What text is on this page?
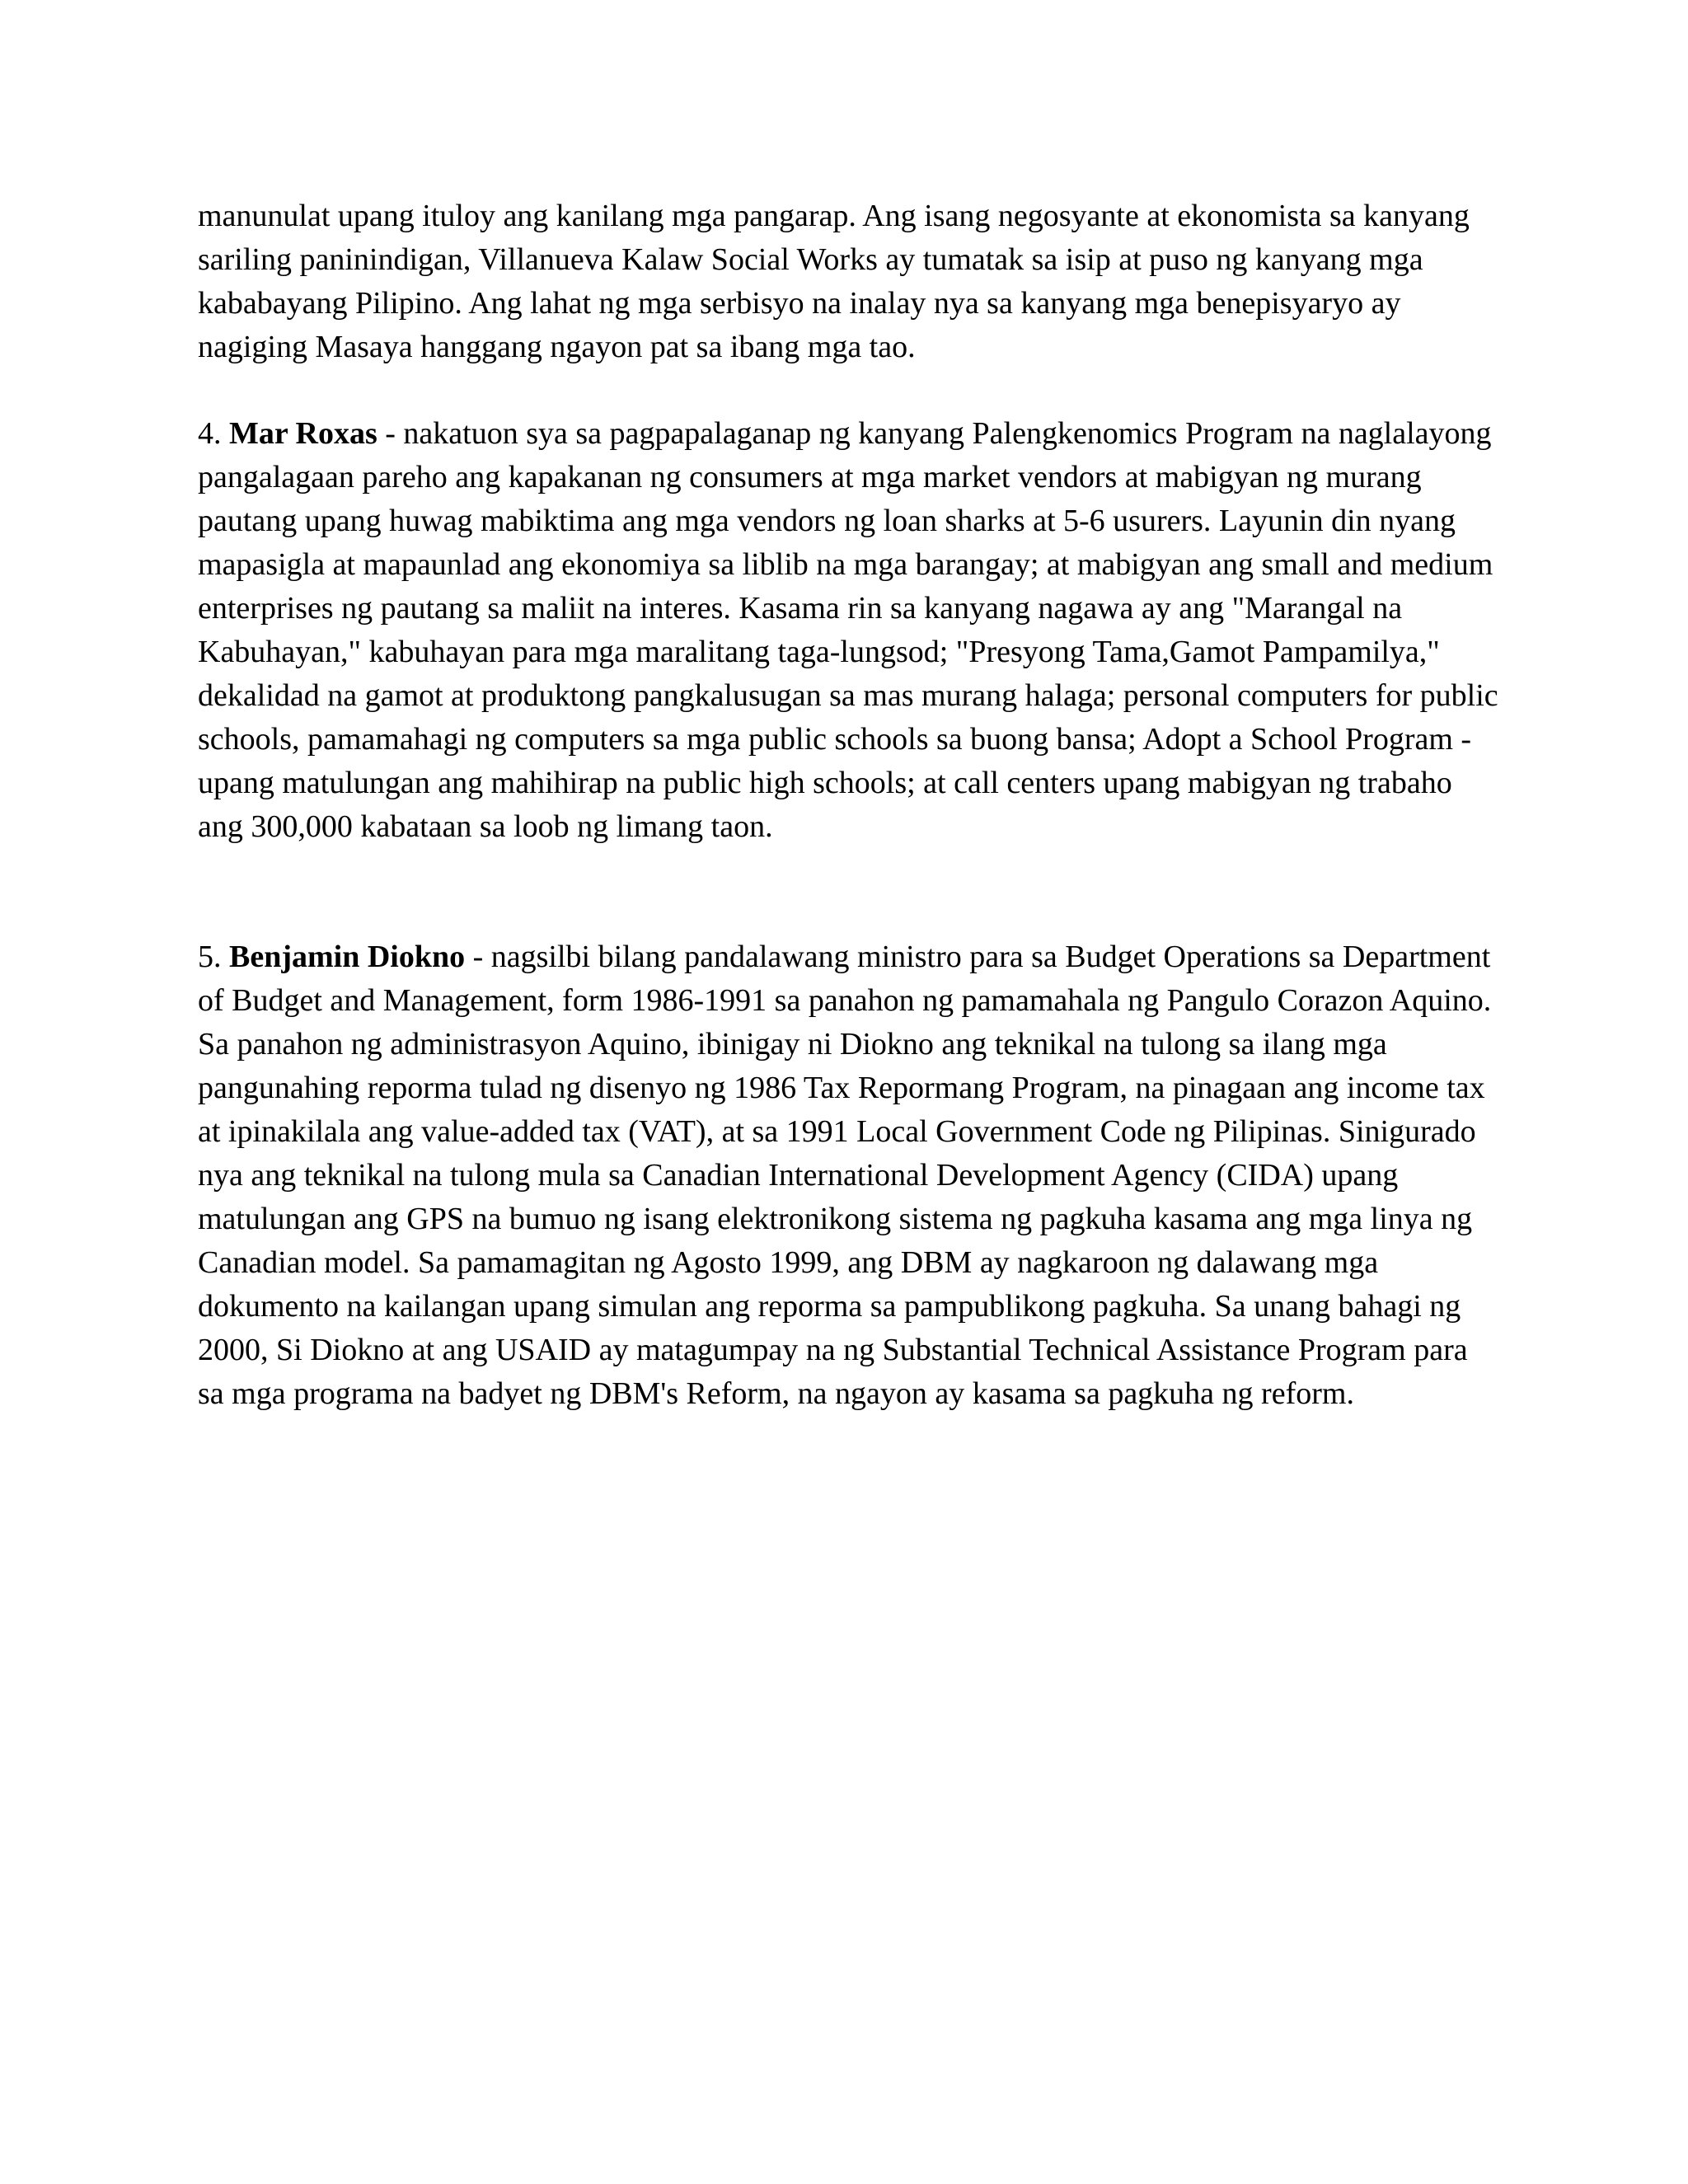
manunulat upang ituloy ang kanilang mga pangarap. Ang isang negosyante at ekonomista sa kanyang sariling paninindigan, Villanueva Kalaw Social Works ay tumatak sa isip at puso ng kanyang mga kababayang Pilipino. Ang lahat ng mga serbisyo na inalay nya sa kanyang mga benepisyaryo ay nagiging Masaya hanggang ngayon pat sa ibang mga tao.

4. Mar Roxas - nakatuon sya sa pagpapalaganap ng kanyang Palengkenomics Program na naglalayong pangalagaan pareho ang kapakanan ng consumers at mga market vendors at mabigyan ng murang pautang upang huwag mabiktima ang mga vendors ng loan sharks at 5-6 usurers. Layunin din nyang mapasigla at mapaunlad ang ekonomiya sa liblib na mga barangay; at mabigyan ang small and medium enterprises ng pautang sa maliit na interes. Kasama rin sa kanyang nagawa ay ang "Marangal na Kabuhayan," kabuhayan para mga maralitang taga-lungsod; "Presyong Tama,Gamot Pampamilya," dekalidad na gamot at produktong pangkalusugan sa mas murang halaga; personal computers for public schools, pamamahagi ng computers sa mga public schools sa buong bansa; Adopt a School Program - upang matulungan ang mahihirap na public high schools; at call centers upang mabigyan ng trabaho ang 300,000 kabataan sa loob ng limang taon.

5. Benjamin Diokno - nagsilbi bilang pandalawang ministro para sa Budget Operations sa Department of Budget and Management, form 1986-1991 sa panahon ng pamamahala ng Pangulo Corazon Aquino. Sa panahon ng administrasyon Aquino, ibinigay ni Diokno ang teknikal na tulong sa ilang mga pangunahing reporma tulad ng disenyo ng 1986 Tax Repormang Program, na pinagaan ang income tax at ipinakilala ang value-added tax (VAT), at sa 1991 Local Government Code ng Pilipinas. Sinigurado nya ang teknikal na tulong mula sa Canadian International Development Agency (CIDA) upang matulungan ang GPS na bumuo ng isang elektronikong sistema ng pagkuha kasama ang mga linya ng Canadian model. Sa pamamagitan ng Agosto 1999, ang DBM ay nagkaroon ng dalawang mga dokumento na kailangan upang simulan ang reporma sa pampublikong pagkuha. Sa unang bahagi ng 2000, Si Diokno at ang USAID ay matagumpay na ng Substantial Technical Assistance Program para sa mga programa na badyet ng DBM's Reform, na ngayon ay kasama sa pagkuha ng reform.
